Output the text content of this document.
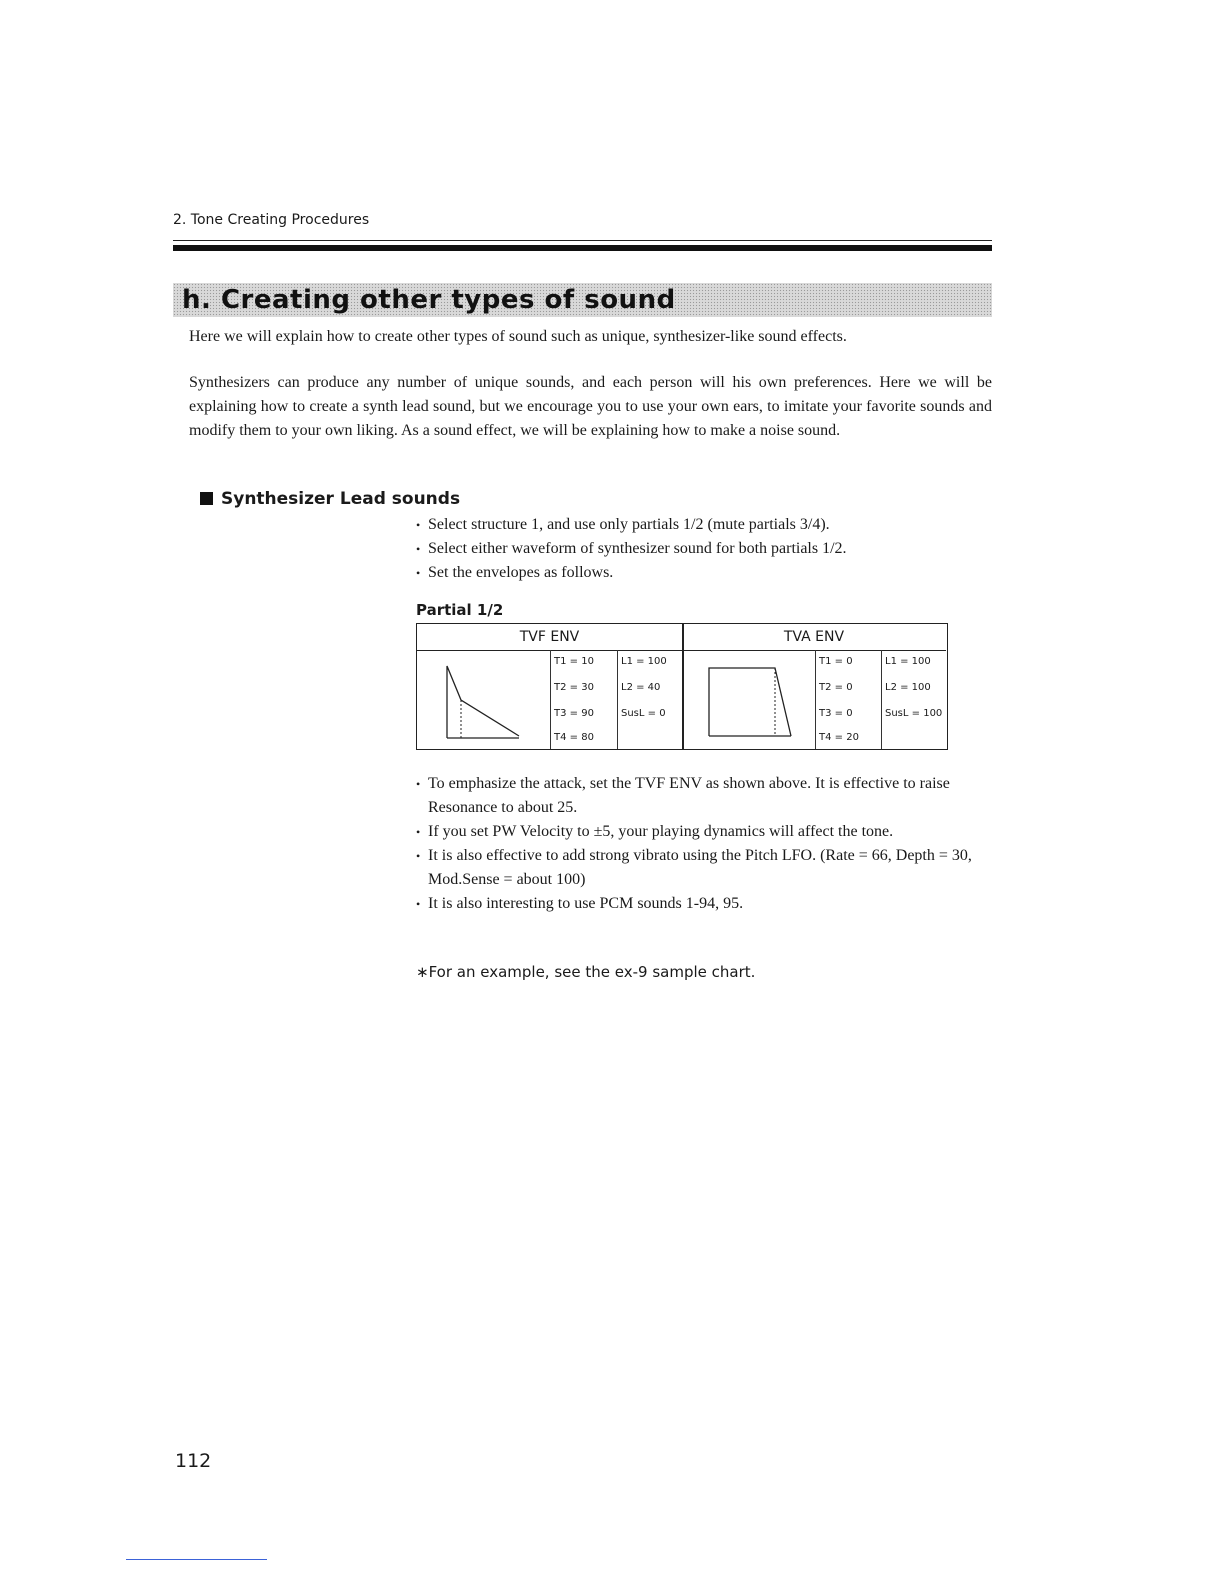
2. Tone Creating Procedures
h. Creating other types of sound
Here we will explain how to create other types of sound such as unique, synthesizer-like sound effects.
Synthesizers can produce any number of unique sounds, and each person will his own preferences. Here we will be explaining how to create a synth lead sound, but we encourage you to use your own ears, to imitate your favorite sounds and modify them to your own liking. As a sound effect, we will be explaining how to make a noise sound.
Synthesizer Lead sounds
• Select structure 1, and use only partials 1/2 (mute partials 3/4).
• Select either waveform of synthesizer sound for both partials 1/2.
• Set the envelopes as follows.
Partial 1/2
TVF ENV	TVA ENV
T1 = 10
T2 = 30
T3 = 90
T4 = 80
L1 = 100
L2 = 40
SusL = 0
T1 = 0
T2 = 0
T3 = 0
T4 = 20
L1 = 100
L2 = 100
SusL = 100
• To emphasize the attack, set the TVF ENV as shown above. It is effective to raise Resonance to about 25.
• If you set PW Velocity to ±5, your playing dynamics will affect the tone.
• It is also effective to add strong vibrato using the Pitch LFO. (Rate = 66, Depth = 30, Mod.Sense = about 100)
• It is also interesting to use PCM sounds 1-94, 95.
∗For an example, see the ex-9 sample chart.
112
